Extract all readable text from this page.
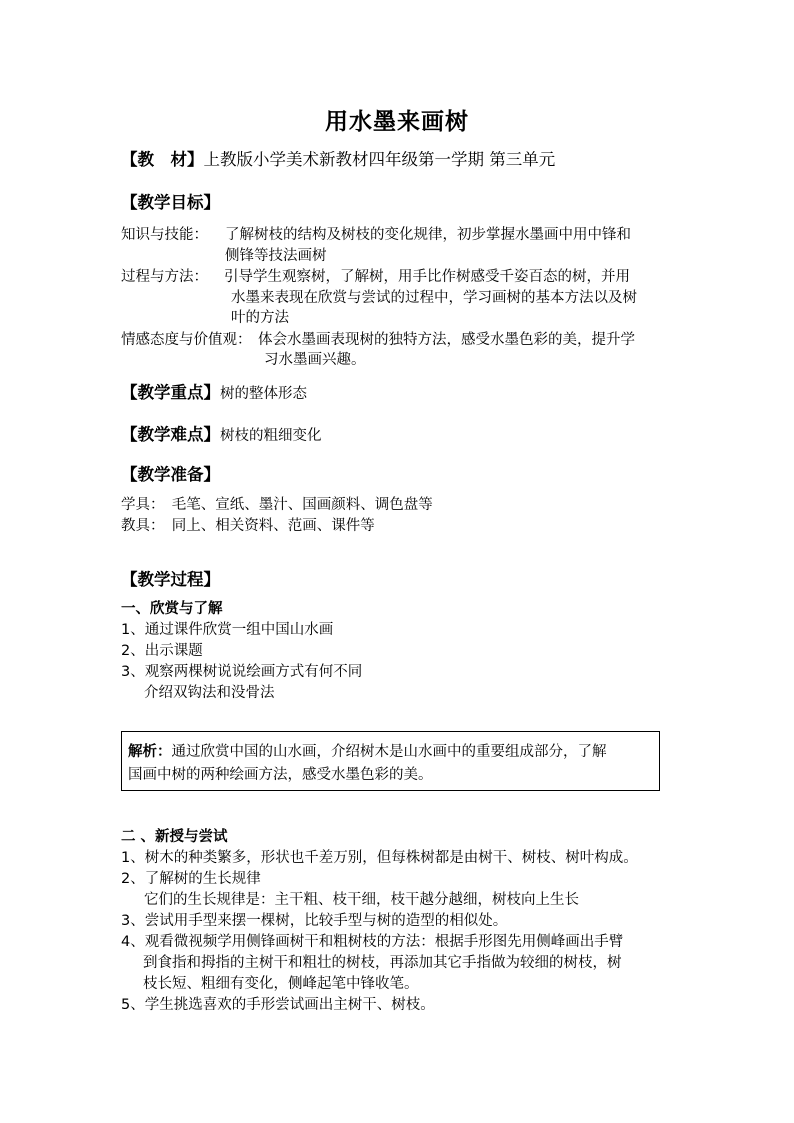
用水墨来画树
【教　材】上教版小学美术新教材四年级第一学期 第三单元
【教学目标】
知识与技能： 了解树枝的结构及树枝的变化规律，初步掌握水墨画中用中锋和
侧锋等技法画树
过程与方法： 引导学生观察树，了解树，用手比作树感受千姿百态的树，并用
水墨来表现在欣赏与尝试的过程中，学习画树的基本方法以及树
叶的方法
情感态度与价值观： 体会水墨画表现树的独特方法，感受水墨色彩的美，提升学
习水墨画兴趣。
【教学重点】树的整体形态
【教学难点】树枝的粗细变化
【教学准备】
学具：　毛笔、宣纸、墨汁、国画颜料、调色盘等
教具：　同上、相关资料、范画、课件等
【教学过程】
一、欣赏与了解
1、通过课件欣赏一组中国山水画
2、出示课题
3、观察两棵树说说绘画方式有何不同
介绍双钩法和没骨法
解析：通过欣赏中国的山水画，介绍树木是山水画中的重要组成部分，了解
国画中树的两种绘画方法，感受水墨色彩的美。
二 、新授与尝试
1、树木的种类繁多，形状也千差万别，但每株树都是由树干、树枝、树叶构成。
2、了解树的生长规律
它们的生长规律是：主干粗、枝干细，枝干越分越细，树枝向上生长
3、尝试用手型来摆一棵树，比较手型与树的造型的相似处。
4、观看微视频学用侧锋画树干和粗树枝的方法：根据手形图先用侧峰画出手臂
到食指和拇指的主树干和粗壮的树枝，再添加其它手指做为较细的树枝，树
枝长短、粗细有变化，侧峰起笔中锋收笔。
5、学生挑选喜欢的手形尝试画出主树干、树枝。
